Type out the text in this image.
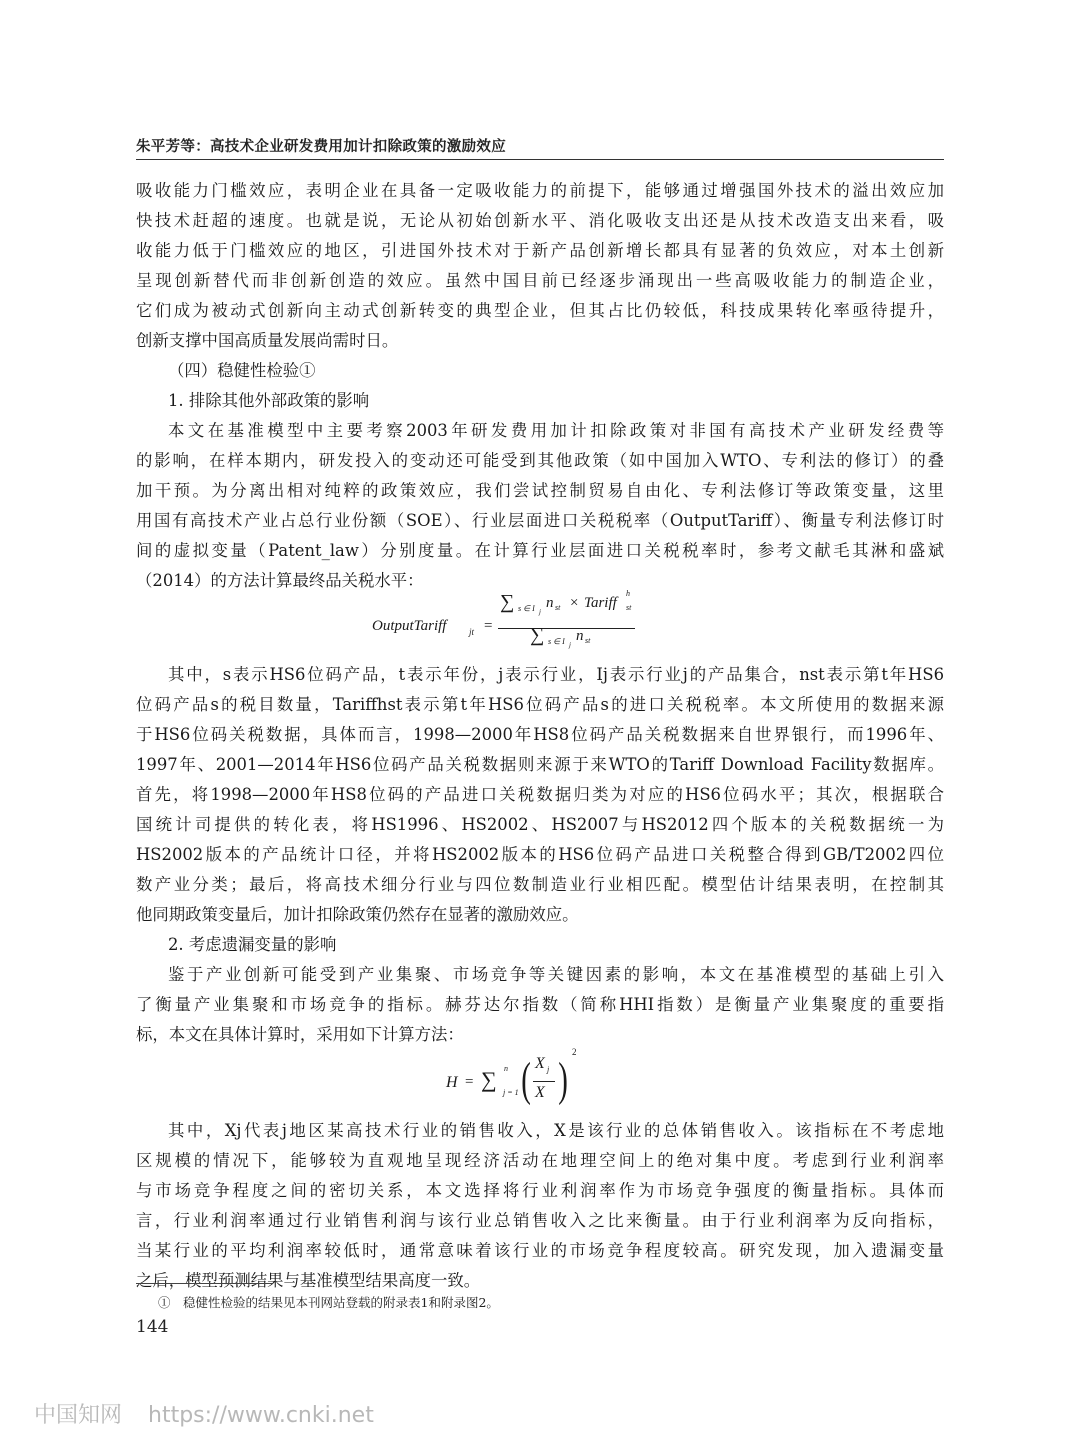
朱平芳等：高技术企业研发费用加计扣除政策的激励效应
吸收能力门槛效应，表明企业在具备一定吸收能力的前提下，能够通过增强国外技术的溢出效应加
快技术赶超的速度。也就是说，无论从初始创新水平、消化吸收支出还是从技术改造支出来看，吸
收能力低于门槛效应的地区，引进国外技术对于新产品创新增长都具有显著的负效应，对本土创新
呈现创新替代而非创新创造的效应。虽然中国目前已经逐步涌现出一些高吸收能力的制造企业，
它们成为被动式创新向主动式创新转变的典型企业，但其占比仍较低，科技成果转化率亟待提升，
创新支撑中国高质量发展尚需时日。
（四）稳健性检验①
1. 排除其他外部政策的影响
本文在基准模型中主要考察2003年研发费用加计扣除政策对非国有高技术产业研发经费等
的影响，在样本期内，研发投入的变动还可能受到其他政策（如中国加入WTO、专利法的修订）的叠
加干预。为分离出相对纯粹的政策效应，我们尝试控制贸易自由化、专利法修订等政策变量，这里
用国有高技术产业占总行业份额（SOE）、行业层面进口关税税率（OutputTariff）、衡量专利法修订时
间的虚拟变量（Patent_law）分别度量。在计算行业层面进口关税税率时，参考文献毛其淋和盛斌
（2014）的方法计算最终品关税水平：
OutputTariff	jt =
∑ s ∈ I j
n st × Tariff
h
st
∑ s ∈ I j
n st
其中，s表示HS6位码产品，t表示年份，j表示行业，Ij表示行业j的产品集合，nst表示第t年HS6
位码产品s的税目数量，Tariffhst表示第t年HS6位码产品s的进口关税税率。本文所使用的数据来源
于HS6位码关税数据，具体而言，1998—2000年HS8位码产品关税数据来自世界银行，而1996年、
1997年、2001—2014年HS6位码产品关税数据则来源于来WTO的Tariff Download Facility数据库。
首先，将1998—2000年HS8位码的产品进口关税数据归类为对应的HS6位码水平；其次，根据联合
国统计司提供的转化表，将HS1996、HS2002、HS2007与HS2012四个版本的关税数据统一为
HS2002版本的产品统计口径，并将HS2002版本的HS6位码产品进口关税整合得到GB/T2002四位
数产业分类；最后，将高技术细分行业与四位数制造业行业相匹配。模型估计结果表明，在控制其
他同期政策变量后，加计扣除政策仍然存在显著的激励效应。
2. 考虑遗漏变量的影响
鉴于产业创新可能受到产业集聚、市场竞争等关键因素的影响，本文在基准模型的基础上引入
了衡量产业集聚和市场竞争的指标。赫芬达尔指数（简称HHI指数）是衡量产业集聚度的重要指
标，本文在具体计算时，采用如下计算方法：
H = ∑ n
j = 1 ( X j
X )
2
其中，Xj代表j地区某高技术行业的销售收入，X是该行业的总体销售收入。该指标在不考虑地
区规模的情况下，能够较为直观地呈现经济活动在地理空间上的绝对集中度。考虑到行业利润率
与市场竞争程度之间的密切关系，本文选择将行业利润率作为市场竞争强度的衡量指标。具体而
言，行业利润率通过行业销售利润与该行业总销售收入之比来衡量。由于行业利润率为反向指标，
当某行业的平均利润率较低时，通常意味着该行业的市场竞争程度较高。研究发现，加入遗漏变量
之后，模型预测结果与基准模型结果高度一致。
①　稳健性检验的结果见本刊网站登载的附录表1和附录图2。
144
中国知网 https://www.cnki.net
